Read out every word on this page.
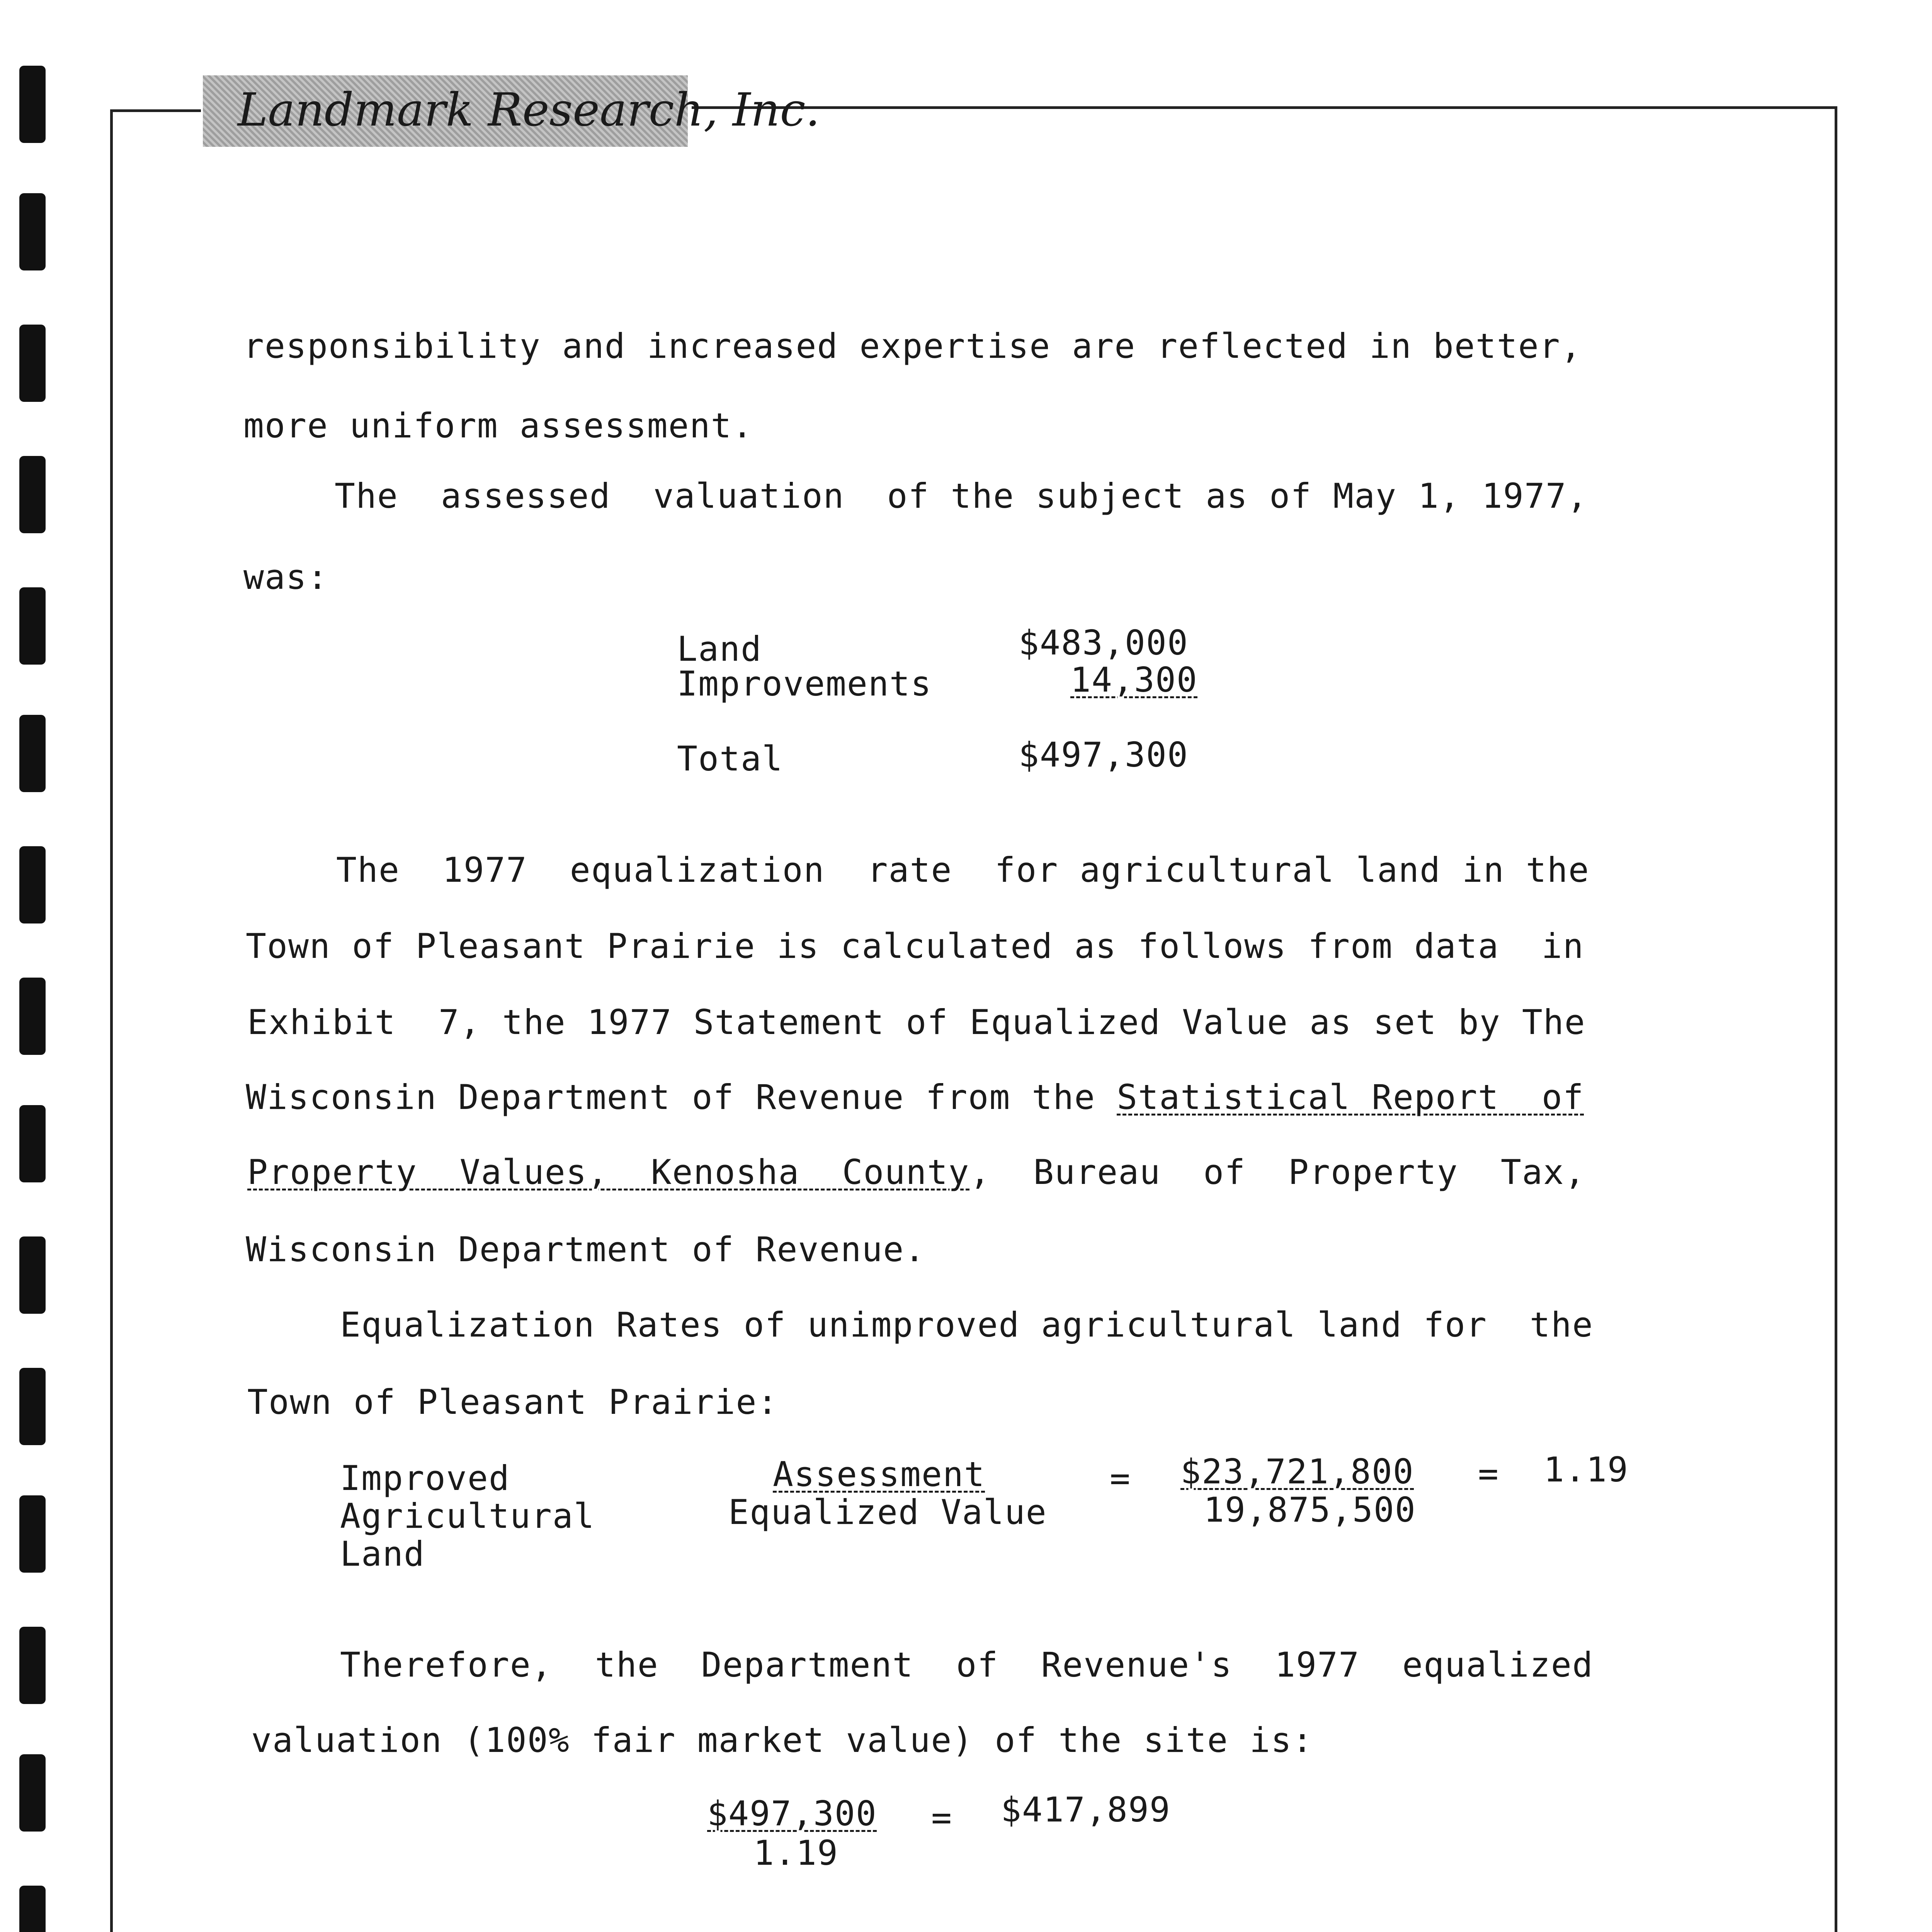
Landmark Research, Inc.
responsibility and increased expertise are reflected in better,
more uniform assessment.
The  assessed  valuation  of the subject as of May 1, 1977,
was:
Land	$483,000
Improvements	14,300
Total	$497,300
The  1977  equalization  rate  for agricultural land in the
Town of Pleasant Prairie is calculated as follows from data  in
Exhibit  7, the 1977 Statement of Equalized Value as set by The
Wisconsin Department of Revenue from the Statistical Report  of
Property  Values,  Kenosha  County,  Bureau  of  Property  Tax,
Wisconsin Department of Revenue.
Equalization Rates of unimproved agricultural land for  the
Town of Pleasant Prairie:
Improved
Agricultural
Land
Assessment
Equalized Value
= $23,721,800
19,875,500
= 1.19
Therefore,  the  Department  of  Revenue's  1977  equalized
valuation (100% fair market value) of the site is:
$497,300
1.19
= $417,899
